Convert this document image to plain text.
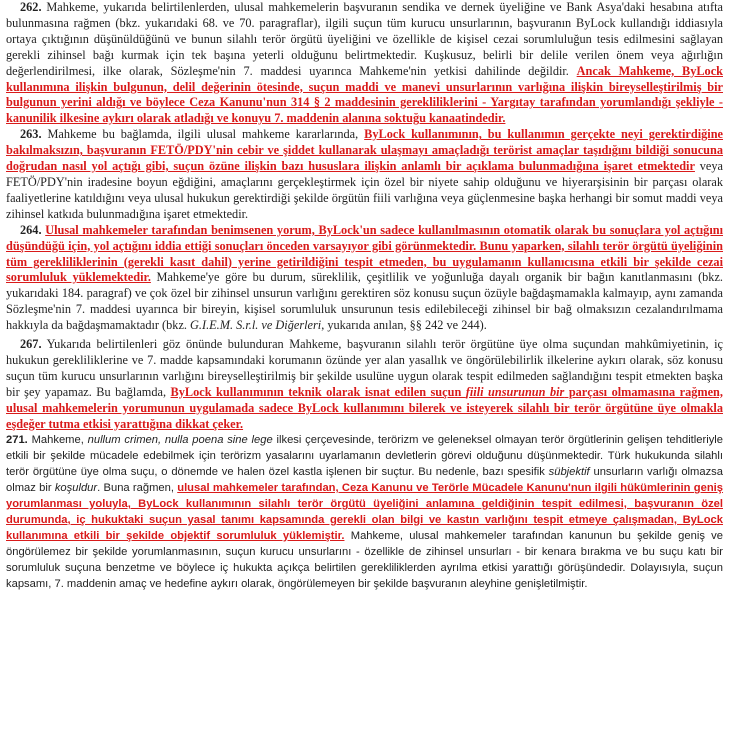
262. Mahkeme, yukarıda belirtilenlerden, ulusal mahkemelerin başvuranın sendika ve dernek üyeliğine ve Bank Asya'daki hesabına atıfta bulunmasına rağmen (bkz. yukarıdaki 68. ve 70. paragraflar), ilgili suçun tüm kurucu unsurlarının, başvuranın ByLock kullandığı iddiasıyla ortaya çıktığının düşünüldüğünü ve bunun silahlı terör örgütü üyeliğini ve özellikle de kişisel cezai sorumluluğun tesis edilmesini sağlayan gerekli zihinsel bağı kurmak için tek başına yeterli olduğunu belirtmektedir. Kuşkusuz, belirli bir delile verilen önem veya ağırlığın değerlendirilmesi, ilke olarak, Sözleşme'nin 7. maddesi uyarınca Mahkeme'nin yetkisi dahilinde değildir. Ancak Mahkeme, ByLock kullanımına ilişkin bulgunun, delil değerinin ötesinde, suçun maddi ve manevi unsurlarının varlığına ilişkin bireyselleştirilmiş bir bulgunun yerini aldığı ve böylece Ceza Kanunu'nun 314 § 2 maddesinin gerekliliklerini - Yargıtay tarafından yorumlandığı şekliyle - kanunilik ilkesine aykırı olarak atladığı ve konuyu 7. maddenin alanına soktuğu kanaatindedir.

263. Mahkeme bu bağlamda, ilgili ulusal mahkeme kararlarında, ByLock kullanımının, bu kullanımın gerçekte neyi gerektirdiğine bakılmaksızın, başvuranın FETÖ/PDY'nin cebir ve şiddet kullanarak ulaşmayı amaçladığı terörist amaçlar taşıdığını bildiği sonucuna doğrudan nasıl yol açtığı gibi, suçun özüne ilişkin bazı hususlara ilişkin anlamlı bir açıklama bulunmadığına işaret etmektedir veya FETÖ/PDY'nin iradesine boyun eğdiğini, amaçlarını gerçekleştirmek için özel bir niyete sahip olduğunu ve hiyerarşisinin bir parçası olarak faaliyetlerine katıldığını veya ulusal hukukun gerektirdiği şekilde örgütün fiili varlığına veya güçlenmesine başka herhangi bir somut maddi veya zihinsel katkıda bulunmadığına işaret etmektedir.

264. Ulusal mahkemeler tarafından benimsenen yorum, ByLock'un sadece kullanılmasının otomatik olarak bu sonuçlara yol açtığını düşündüğü için, yol açtığını iddia ettiği sonuçları önceden varsayıyor gibi görünmektedir. Bunu yaparken, silahlı terör örgütü üyeliğinin tüm gerekliliklerinin (gerekli kasıt dahil) yerine getirildiğini tespit etmeden, bu uygulamanın kullanıcısına etkili bir şekilde cezai sorumluluk yüklemektedir. Mahkeme'ye göre bu durum, süreklilik, çeşitlilik ve yoğunluğa dayalı organik bir bağın kanıtlanmasını (bkz. yukarıdaki 184. paragraf) ve çok özel bir zihinsel unsurun varlığını gerektiren söz konusu suçun özüyle bağdaşmamakla kalmayıp, aynı zamanda Sözleşme'nin 7. maddesi uyarınca bir bireyin, kişisel sorumluluk unsurunun tesis edilebileceği zihinsel bir bağ olmaksızın cezalandırılmama hakkıyla da bağdaşmamaktadır (bkz. G.I.E.M. S.r.l. ve Diğerleri, yukarıda anılan, §§ 242 ve 244).

267. Yukarıda belirtilenleri göz önünde bulunduran Mahkeme, başvuranın silahlı terör örgütüne üye olma suçundan mahkûmiyetinin, iç hukukun gerekliliklerine ve 7. madde kapsamındaki korumanın özünde yer alan yasallık ve öngörülebilirlik ilkelerine aykırı olarak, söz konusu suçun tüm kurucu unsurlarının varlığını bireyselleştirilmiş bir şekilde usulüne uygun olarak tespit edilmeden sağlandığını tespit etmekten başka bir şey yapamaz. Bu bağlamda, ByLock kullanımının teknik olarak isnat edilen suçun fiili unsurunun bir parçası olmamasına rağmen, ulusal mahkemelerin yorumunun uygulamada sadece ByLock kullanımını bilerek ve isteyerek silahlı bir terör örgütüne üye olmakla eşdeğer tutma etkisi yarattığına dikkat çeker.

271. Mahkeme, nullum crimen, nulla poena sine lege ilkesi çerçevesinde, terörizm ve geleneksel olmayan terör örgütlerinin gelişen tehditleriyle etkili bir şekilde mücadele edebilmek için terörizm yasalarını uyarlamanın devletlerin görevi olduğunu düşünmektedir. Türk hukukunda silahlı terör örgütüne üye olma suçu, o dönemde ve halen özel kastla işlenen bir suçtur. Bu nedenle, bazı spesifik sübjektif unsurların varlığı olmazsa olmaz bir koşuldur. Buna rağmen, ulusal mahkemeler tarafından, Ceza Kanunu ve Terörle Mücadele Kanunu'nun ilgili hükümlerinin geniş yorumlanması yoluyla, ByLock kullanımının silahlı terör örgütü üyeliğini anlamına geldiğinin tespit edilmesi, başvuranın özel durumunda, iç hukuktaki suçun yasal tanımı kapsamında gerekli olan bilgi ve kastın varlığını tespit etmeye çalışmadan, ByLock kullanımına etkili bir şekilde objektif sorumluluk yüklemiştir. Mahkeme, ulusal mahkemeler tarafından kanunun bu şekilde geniş ve öngörülemez bir şekilde yorumlanmasının, suçun kurucu unsurlarını - özellikle de zihinsel unsurları - bir kenara bırakma ve bu suçu katı bir sorumluluk suçuna benzetme ve böylece iç hukukta açıkça belirtilen gerekliliklerden ayrılma etkisi yarattığı görüşündedir. Dolayısıyla, suçun kapsamı, 7. maddenin amaç ve hedefine aykırı olarak, öngörülemeyen bir şekilde başvuranın aleyhine genişletilmiştir.
